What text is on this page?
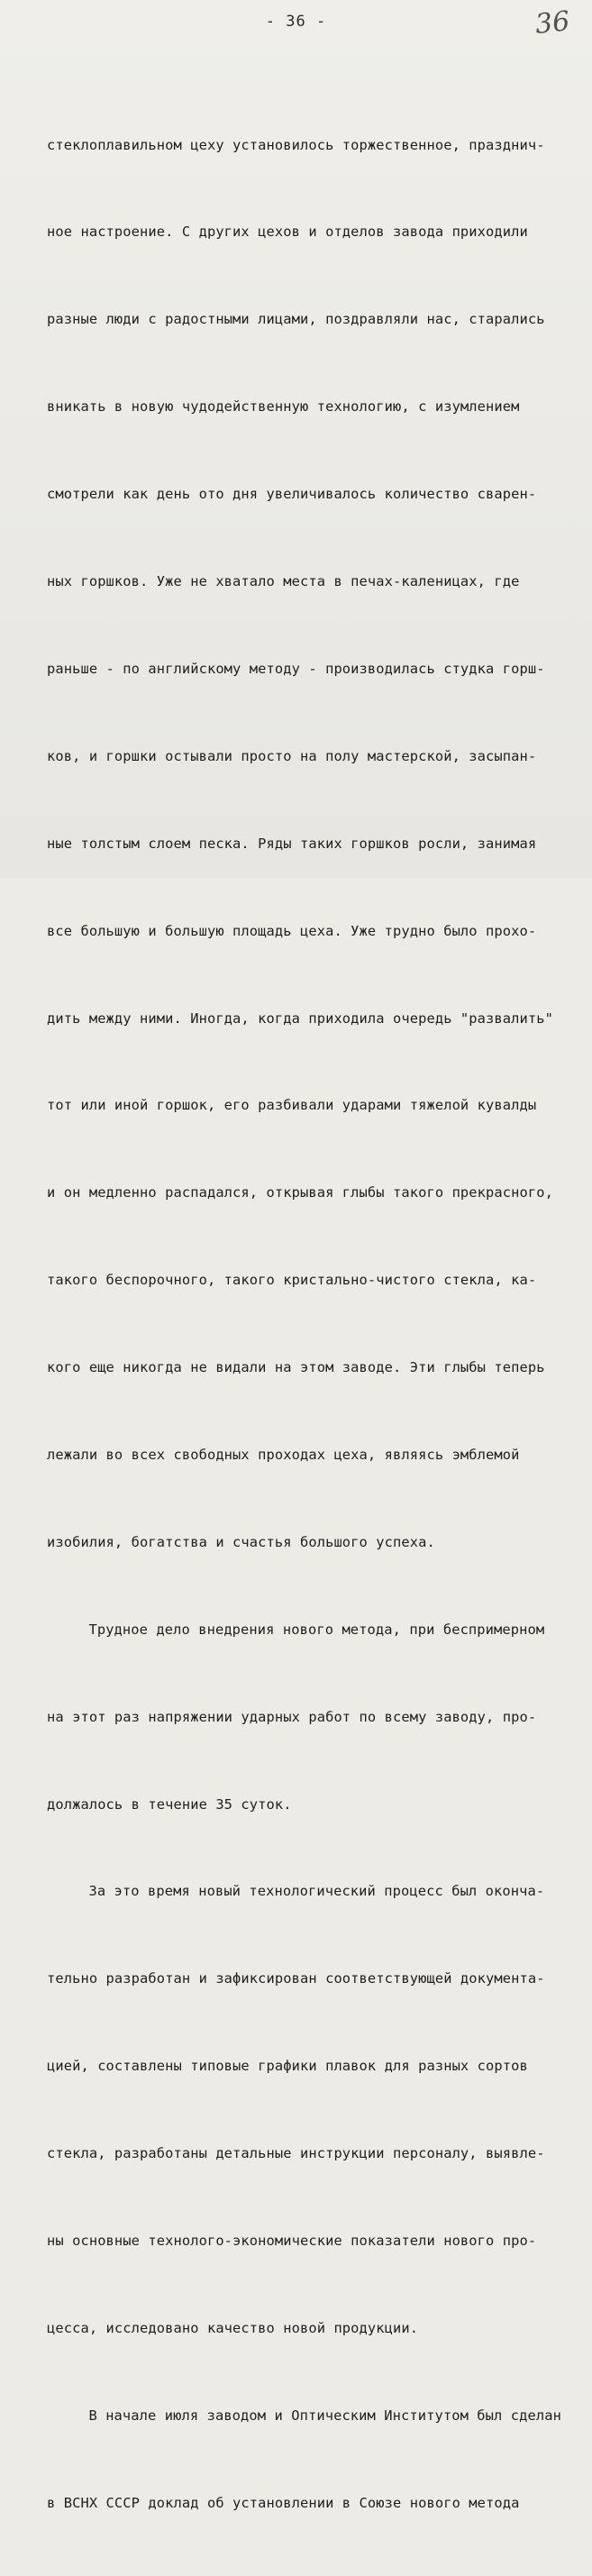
- 36 -	36

стеклоплавильном цеху установилось торжественное, празднич-

ное настроение. С других цехов и отделов завода приходили

разные люди с радостными лицами, поздравляли нас, старались

вникать в новую чудодейственную технологию, с изумлением

смотрели как день ото дня увеличивалось количество сварен-

ных горшков. Уже не хватало места в печах-каленицах, где

раньше - по английскому методу - производилась студка горш-

ков, и горшки остывали просто на полу мастерской, засыпан-

ные толстым слоем песка. Ряды таких горшков росли, занимая

все большую и большую площадь цеха. Уже трудно было прохо-

дить между ними. Иногда, когда приходила очередь "развалить"

тот или иной горшок, его разбивали ударами тяжелой кувалды

и он медленно распадался, открывая глыбы такого прекрасного,

такого беспорочного, такого кристально-чистого стекла, ка-

кого еще никогда не видали на этом заводе. Эти глыбы теперь

лежали во всех свободных проходах цеха, являясь эмблемой

изобилия, богатства и счастья большого успеха.

Трудное дело внедрения нового метода, при беспримерном

на этот раз напряжении ударных работ по всему заводу, про-

должалось в течение 35 суток.

За это время новый технологический процесс был оконча-

тельно разработан и зафиксирован соответствующей документа-

цией, составлены типовые графики плавок для разных сортов

стекла, разработаны детальные инструкции персоналу, выявле-

ны основные технолого-экономические показатели нового про-

цесса, исследовано качество новой продукции.

В начале июля заводом и Оптическим Институтом был сделан

в ВСНХ СССР доклад об установлении в Союзе нового метода
